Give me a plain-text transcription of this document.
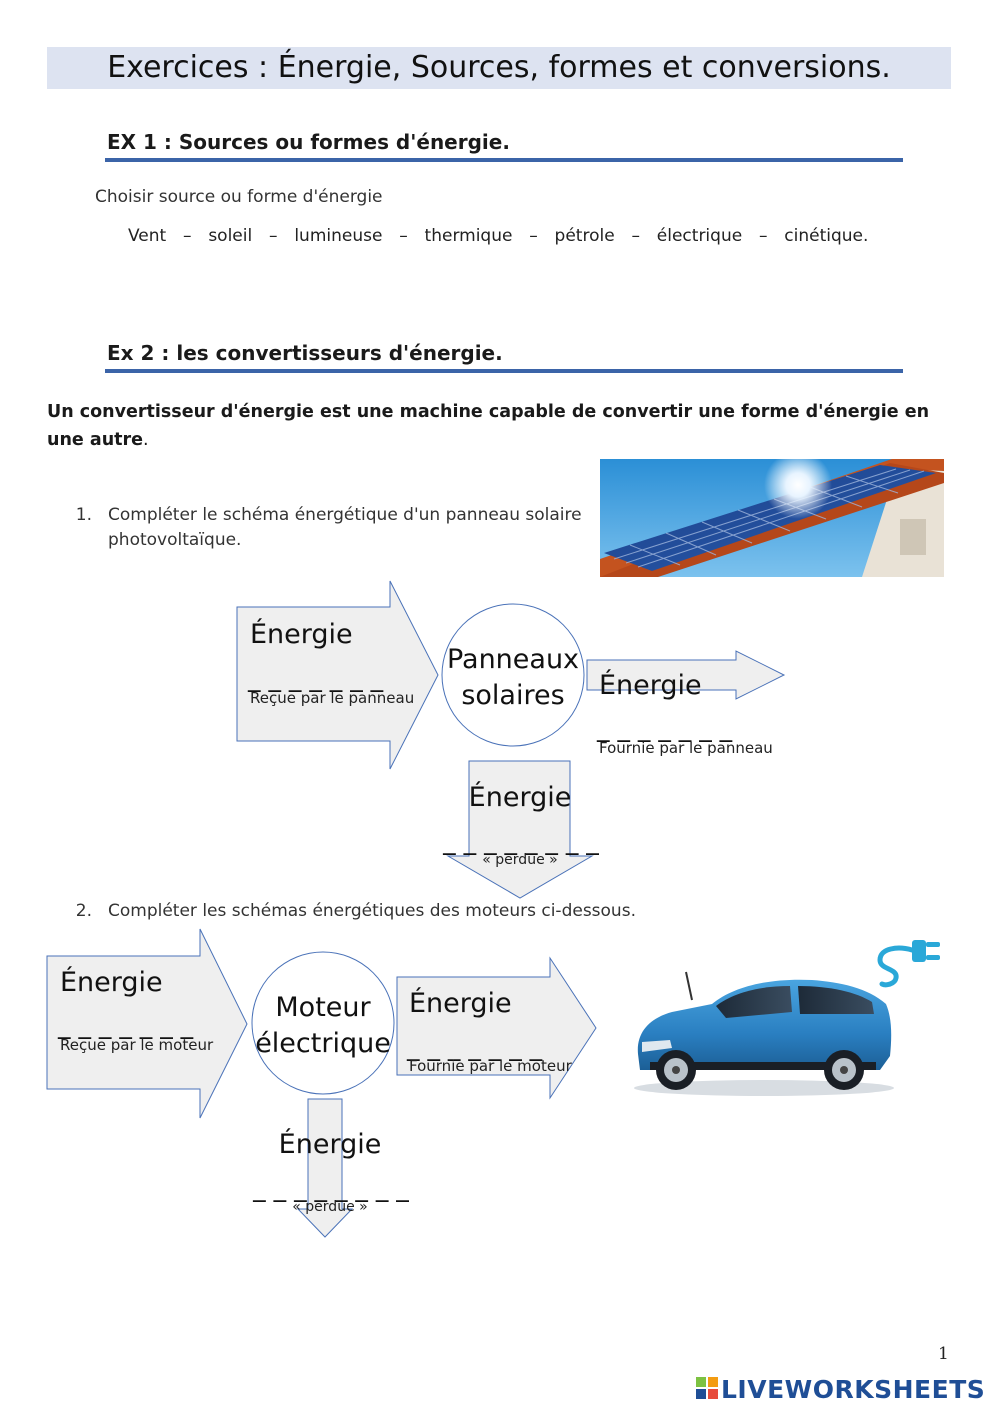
Exercices : Énergie, Sources, formes et conversions.
EX 1 : Sources ou formes d'énergie.
Choisir source ou forme d'énergie
Vent  –  soleil  –  lumineuse  –  thermique  –  pétrole  –  électrique  –  cinétique.
Ex 2 : les convertisseurs d'énergie.
Un convertisseur d'énergie est une machine capable de convertir une forme d'énergie en une autre.
1. Compléter le schéma énergétique d'un panneau solaire
photovoltaïque.
Énergie
_ _ _ _ _ _ _
Reçue par le panneau
Panneaux
solaires Énergie
_ _ _ _ _ _ _
Fournie par le panneau
Énergie
_ _ _ _ _ _ _ _
« perdue »
2. Compléter les schémas énergétiques des moteurs ci-dessous.
Énergie
_ _ _ _ _ _ _
Reçue par le moteur
Moteur
électrique
Énergie
_ _ _ _ _ _ _
Fournie par le moteur
Énergie
_ _ _ _ _ _ _ _
« perdue »
1
LIVEWORKSHEETS
